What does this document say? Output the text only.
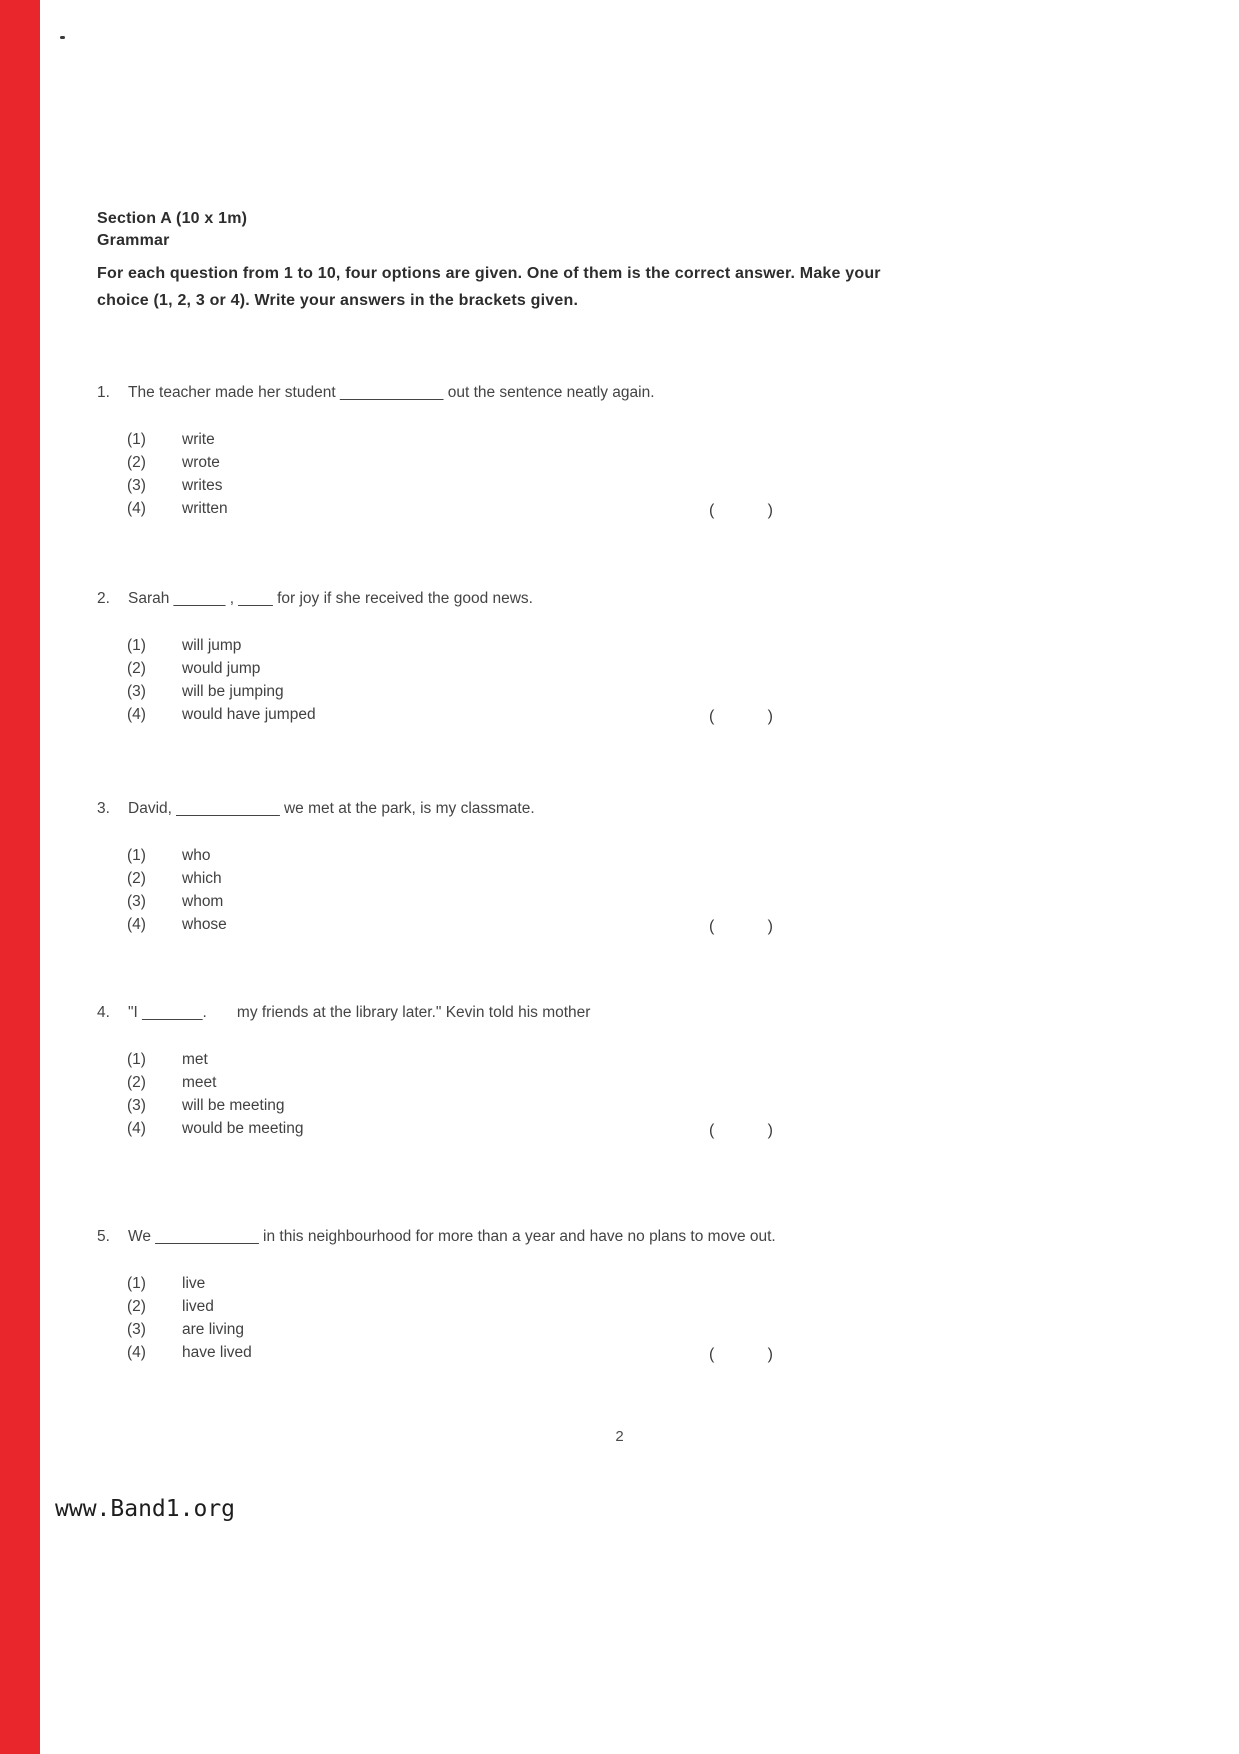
Section A (10 x 1m)
Grammar
For each question from 1 to 10, four options are given. One of them is the correct answer. Make your choice (1, 2, 3 or 4). Write your answers in the brackets given.
1.	The teacher made her student ____________ out the sentence neatly again.
(1)	write
(2)	wrote
(3)	writes
(4)	written	(	)
2.	Sarah ______ , ____ for joy if she received the good news.
(1)	will jump
(2)	would jump
(3)	will be jumping
(4)	would have jumped	(	)
3.	David, ____________ we met at the park, is my classmate.
(1)	who
(2)	which
(3)	whom
(4)	whose	(	)
4.	"I _______.       my friends at the library later." Kevin told his mother
(1)	met
(2)	meet
(3)	will be meeting
(4)	would be meeting	(	)
5.	We ____________ in this neighbourhood for more than a year and have no plans to move out.
(1)	live
(2)	lived
(3)	are living
(4)	have lived	(	)
2
www.Band1.org
